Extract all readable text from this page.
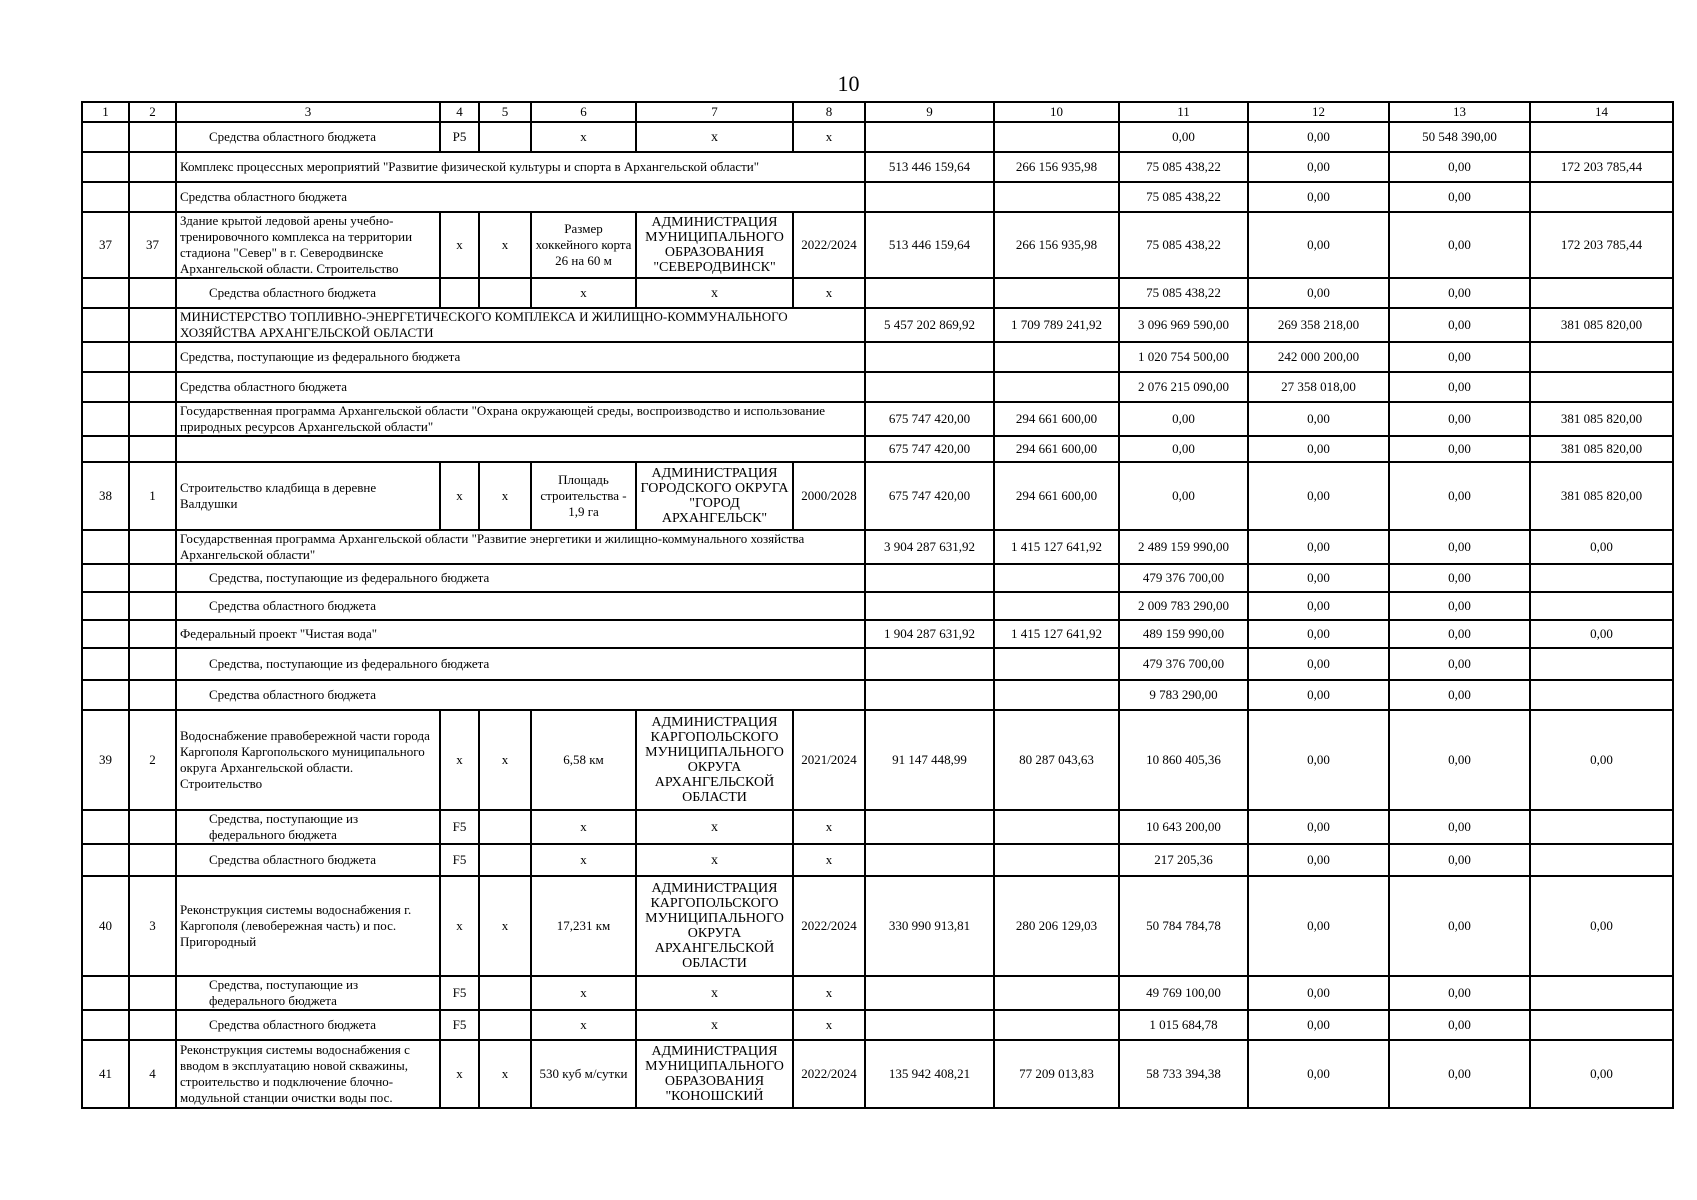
10
1	2	3	4	5	6	7	8	9	10	11	12	13	14
		Средства областного бюджета	P5		x	x	x			0,00	0,00	50 548 390,00	
		Комплекс процессных мероприятий "Развитие физической культуры и спорта в Архангельской области"						513 446 159,64	266 156 935,98	75 085 438,22	0,00	0,00	172 203 785,44
		Средства областного бюджета								75 085 438,22	0,00	0,00	
37	37	Здание крытой ледовой арены учебно-тренировочного комплекса на территории стадиона "Север" в г. Северодвинске Архангельской области. Строительство	x	x	Размер хоккейного корта 26 на 60 м	АДМИНИСТРАЦИЯ МУНИЦИПАЛЬНОГО ОБРАЗОВАНИЯ "СЕВЕРОДВИНСК"	2022/2024	513 446 159,64	266 156 935,98	75 085 438,22	0,00	0,00	172 203 785,44
		Средства областного бюджета			x	x	x			75 085 438,22	0,00	0,00	
		МИНИСТЕРСТВО ТОПЛИВНО-ЭНЕРГЕТИЧЕСКОГО КОМПЛЕКСА И ЖИЛИЩНО-КОММУНАЛЬНОГО ХОЗЯЙСТВА АРХАНГЕЛЬСКОЙ ОБЛАСТИ						5 457 202 869,92	1 709 789 241,92	3 096 969 590,00	269 358 218,00	0,00	381 085 820,00
		Средства, поступающие из федерального бюджета								1 020 754 500,00	242 000 200,00	0,00	
		Средства областного бюджета								2 076 215 090,00	27 358 018,00	0,00	
		Государственная программа Архангельской области "Охрана окружающей среды, воспроизводство и использование природных ресурсов Архангельской области"						675 747 420,00	294 661 600,00	0,00	0,00	0,00	381 085 820,00
								675 747 420,00	294 661 600,00	0,00	0,00	0,00	381 085 820,00
38	1	Строительство кладбища в деревне Валдушки	x	x	Площадь строительства - 1,9 га	АДМИНИСТРАЦИЯ ГОРОДСКОГО ОКРУГА "ГОРОД АРХАНГЕЛЬСК"	2000/2028	675 747 420,00	294 661 600,00	0,00	0,00	0,00	381 085 820,00
		Государственная программа Архангельской области "Развитие энергетики и жилищно-коммунального хозяйства Архангельской области"						3 904 287 631,92	1 415 127 641,92	2 489 159 990,00	0,00	0,00	0,00
		Средства, поступающие из федерального бюджета								479 376 700,00	0,00	0,00	
		Средства областного бюджета								2 009 783 290,00	0,00	0,00	
		Федеральный проект "Чистая вода"						1 904 287 631,92	1 415 127 641,92	489 159 990,00	0,00	0,00	0,00
		Средства, поступающие из федерального бюджета								479 376 700,00	0,00	0,00	
		Средства областного бюджета								9 783 290,00	0,00	0,00	
39	2	Водоснабжение правобережной части города Каргополя Каргопольского муниципального округа Архангельской области. Строительство	x	x	6,58 км	АДМИНИСТРАЦИЯ КАРГОПОЛЬСКОГО МУНИЦИПАЛЬНОГО ОКРУГА АРХАНГЕЛЬСКОЙ ОБЛАСТИ	2021/2024	91 147 448,99	80 287 043,63	10 860 405,36	0,00	0,00	0,00
		Средства, поступающие из федерального бюджета	F5		x	x	x			10 643 200,00	0,00	0,00	
		Средства областного бюджета	F5		x	x	x			217 205,36	0,00	0,00	
40	3	Реконструкция системы водоснабжения г. Каргополя (левобережная часть) и пос. Пригородный	x	x	17,231 км	АДМИНИСТРАЦИЯ КАРГОПОЛЬСКОГО МУНИЦИПАЛЬНОГО ОКРУГА АРХАНГЕЛЬСКОЙ ОБЛАСТИ	2022/2024	330 990 913,81	280 206 129,03	50 784 784,78	0,00	0,00	0,00
		Средства, поступающие из федерального бюджета	F5		x	x	x			49 769 100,00	0,00	0,00	
		Средства областного бюджета	F5		x	x	x			1 015 684,78	0,00	0,00	
41	4	Реконструкция системы водоснабжения с вводом в эксплуатацию новой скважины, строительство и подключение блочно-модульной станции очистки воды пос.	x	x	530 куб м/сутки	АДМИНИСТРАЦИЯ МУНИЦИПАЛЬНОГО ОБРАЗОВАНИЯ "КОНОШСКИЙ	2022/2024	135 942 408,21	77 209 013,83	58 733 394,38	0,00	0,00	0,00
